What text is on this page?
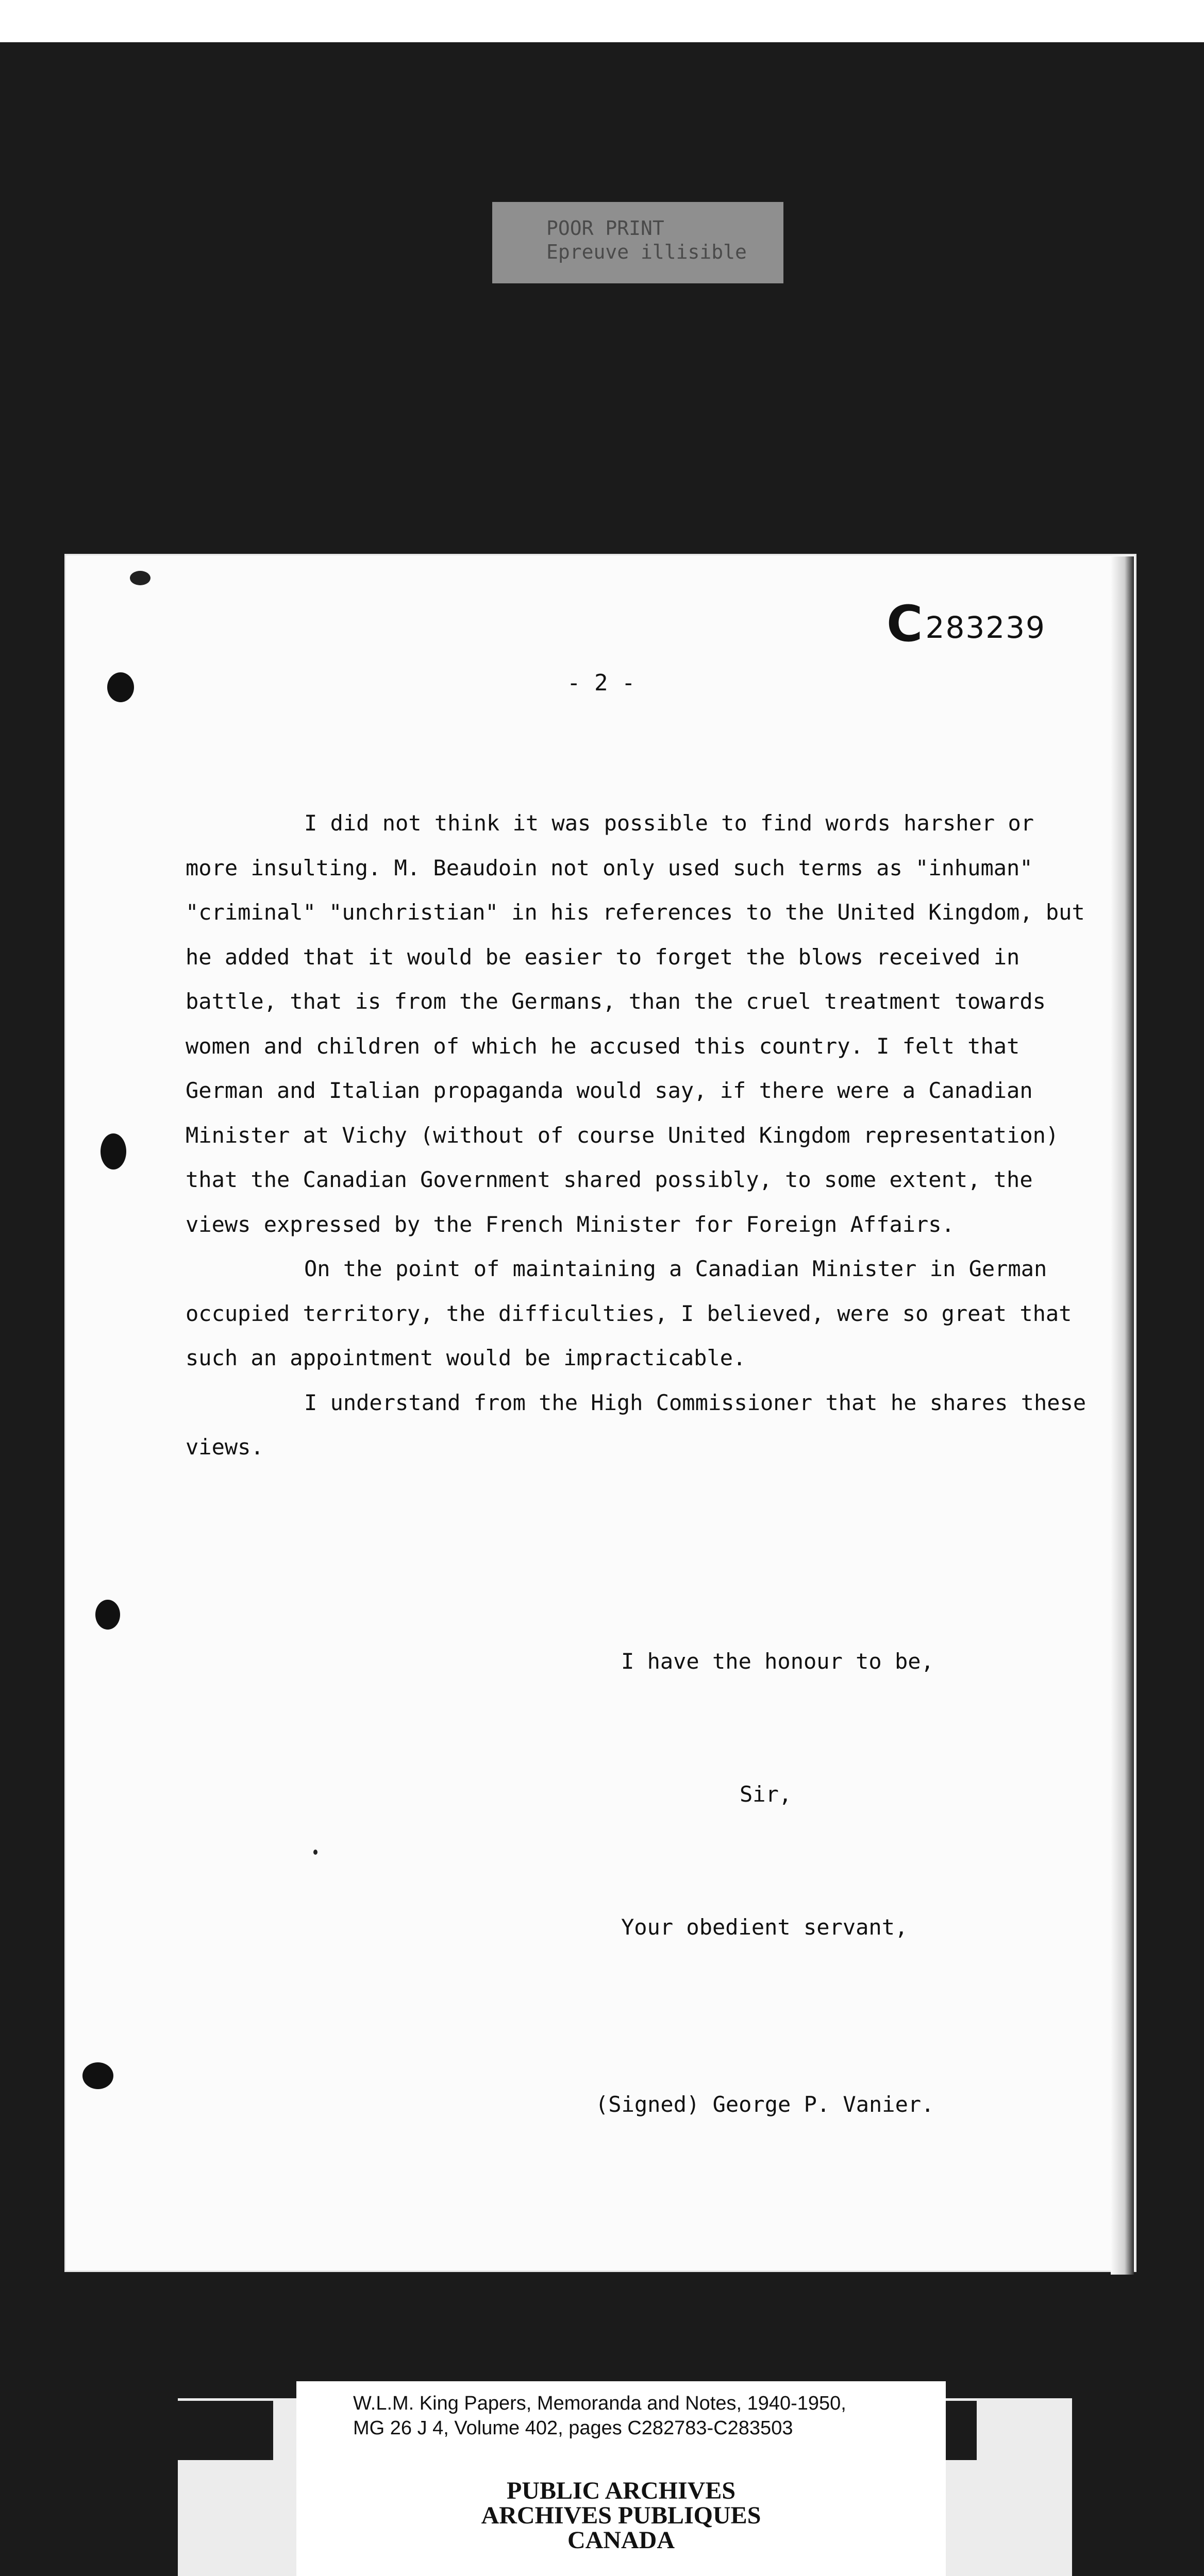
POOR PRINT
Epreuve illisible
C 283239
- 2 -

I did not think it was possible to find words harsher or more insulting. M. Beaudoin not only used such terms as "inhuman" "criminal" "unchristian" in his references to the United Kingdom, but he added that it would be easier to forget the blows received in battle, that is from the Germans, than the cruel treatment towards women and children of which he accused this country. I felt that German and Italian propaganda would say, if there were a Canadian Minister at Vichy (without of course United Kingdom representation) that the Canadian Government shared possibly, to some extent, the views expressed by the French Minister for Foreign Affairs.

On the point of maintaining a Canadian Minister in German occupied territory, the difficulties, I believed, were so great that such an appointment would be impracticable.

I understand from the High Commissioner that he shares these views.

I have the honour to be,

Sir,

Your obedient servant,

(Signed) George P. Vanier.

W.L.M. King Papers, Memoranda and Notes, 1940-1950,
MG 26 J 4, Volume 402, pages C282783-C283503
PUBLIC ARCHIVES
ARCHIVES PUBLIQUES
CANADA
